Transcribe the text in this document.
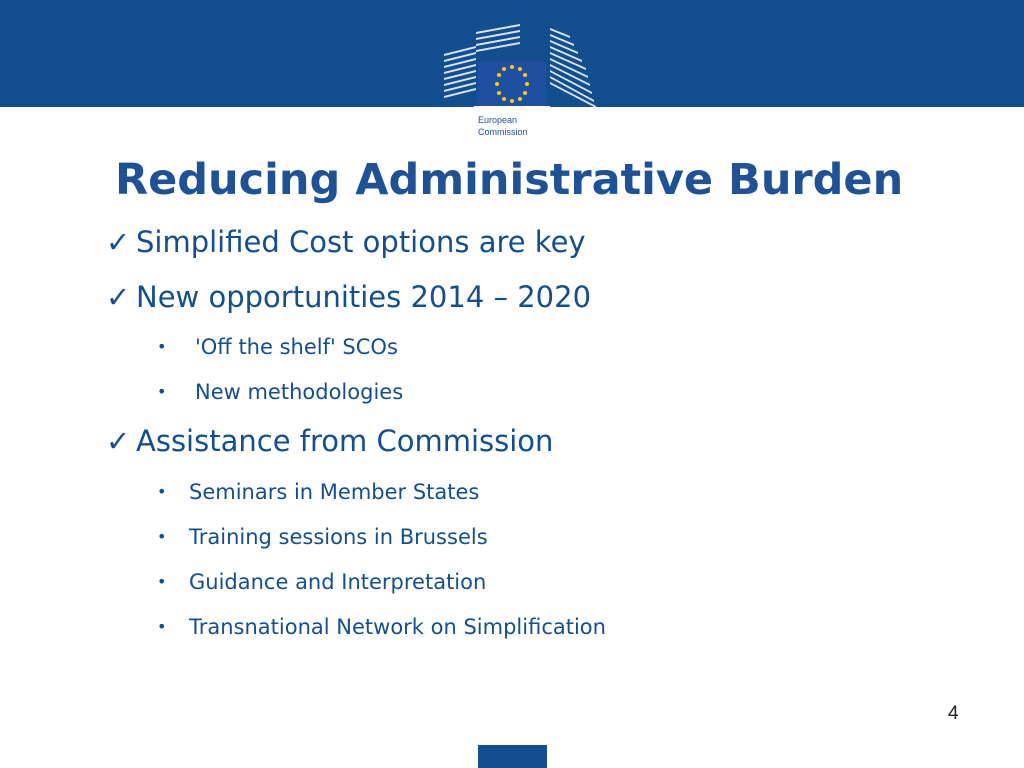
European
Commission
Reducing Administrative Burden
✓ Simplified Cost options are key
✓ New opportunities 2014 – 2020
• 'Off the shelf' SCOs
• New methodologies
✓ Assistance from Commission
• Seminars in Member States
• Training sessions in Brussels
• Guidance and Interpretation
• Transnational Network on Simplification
4
